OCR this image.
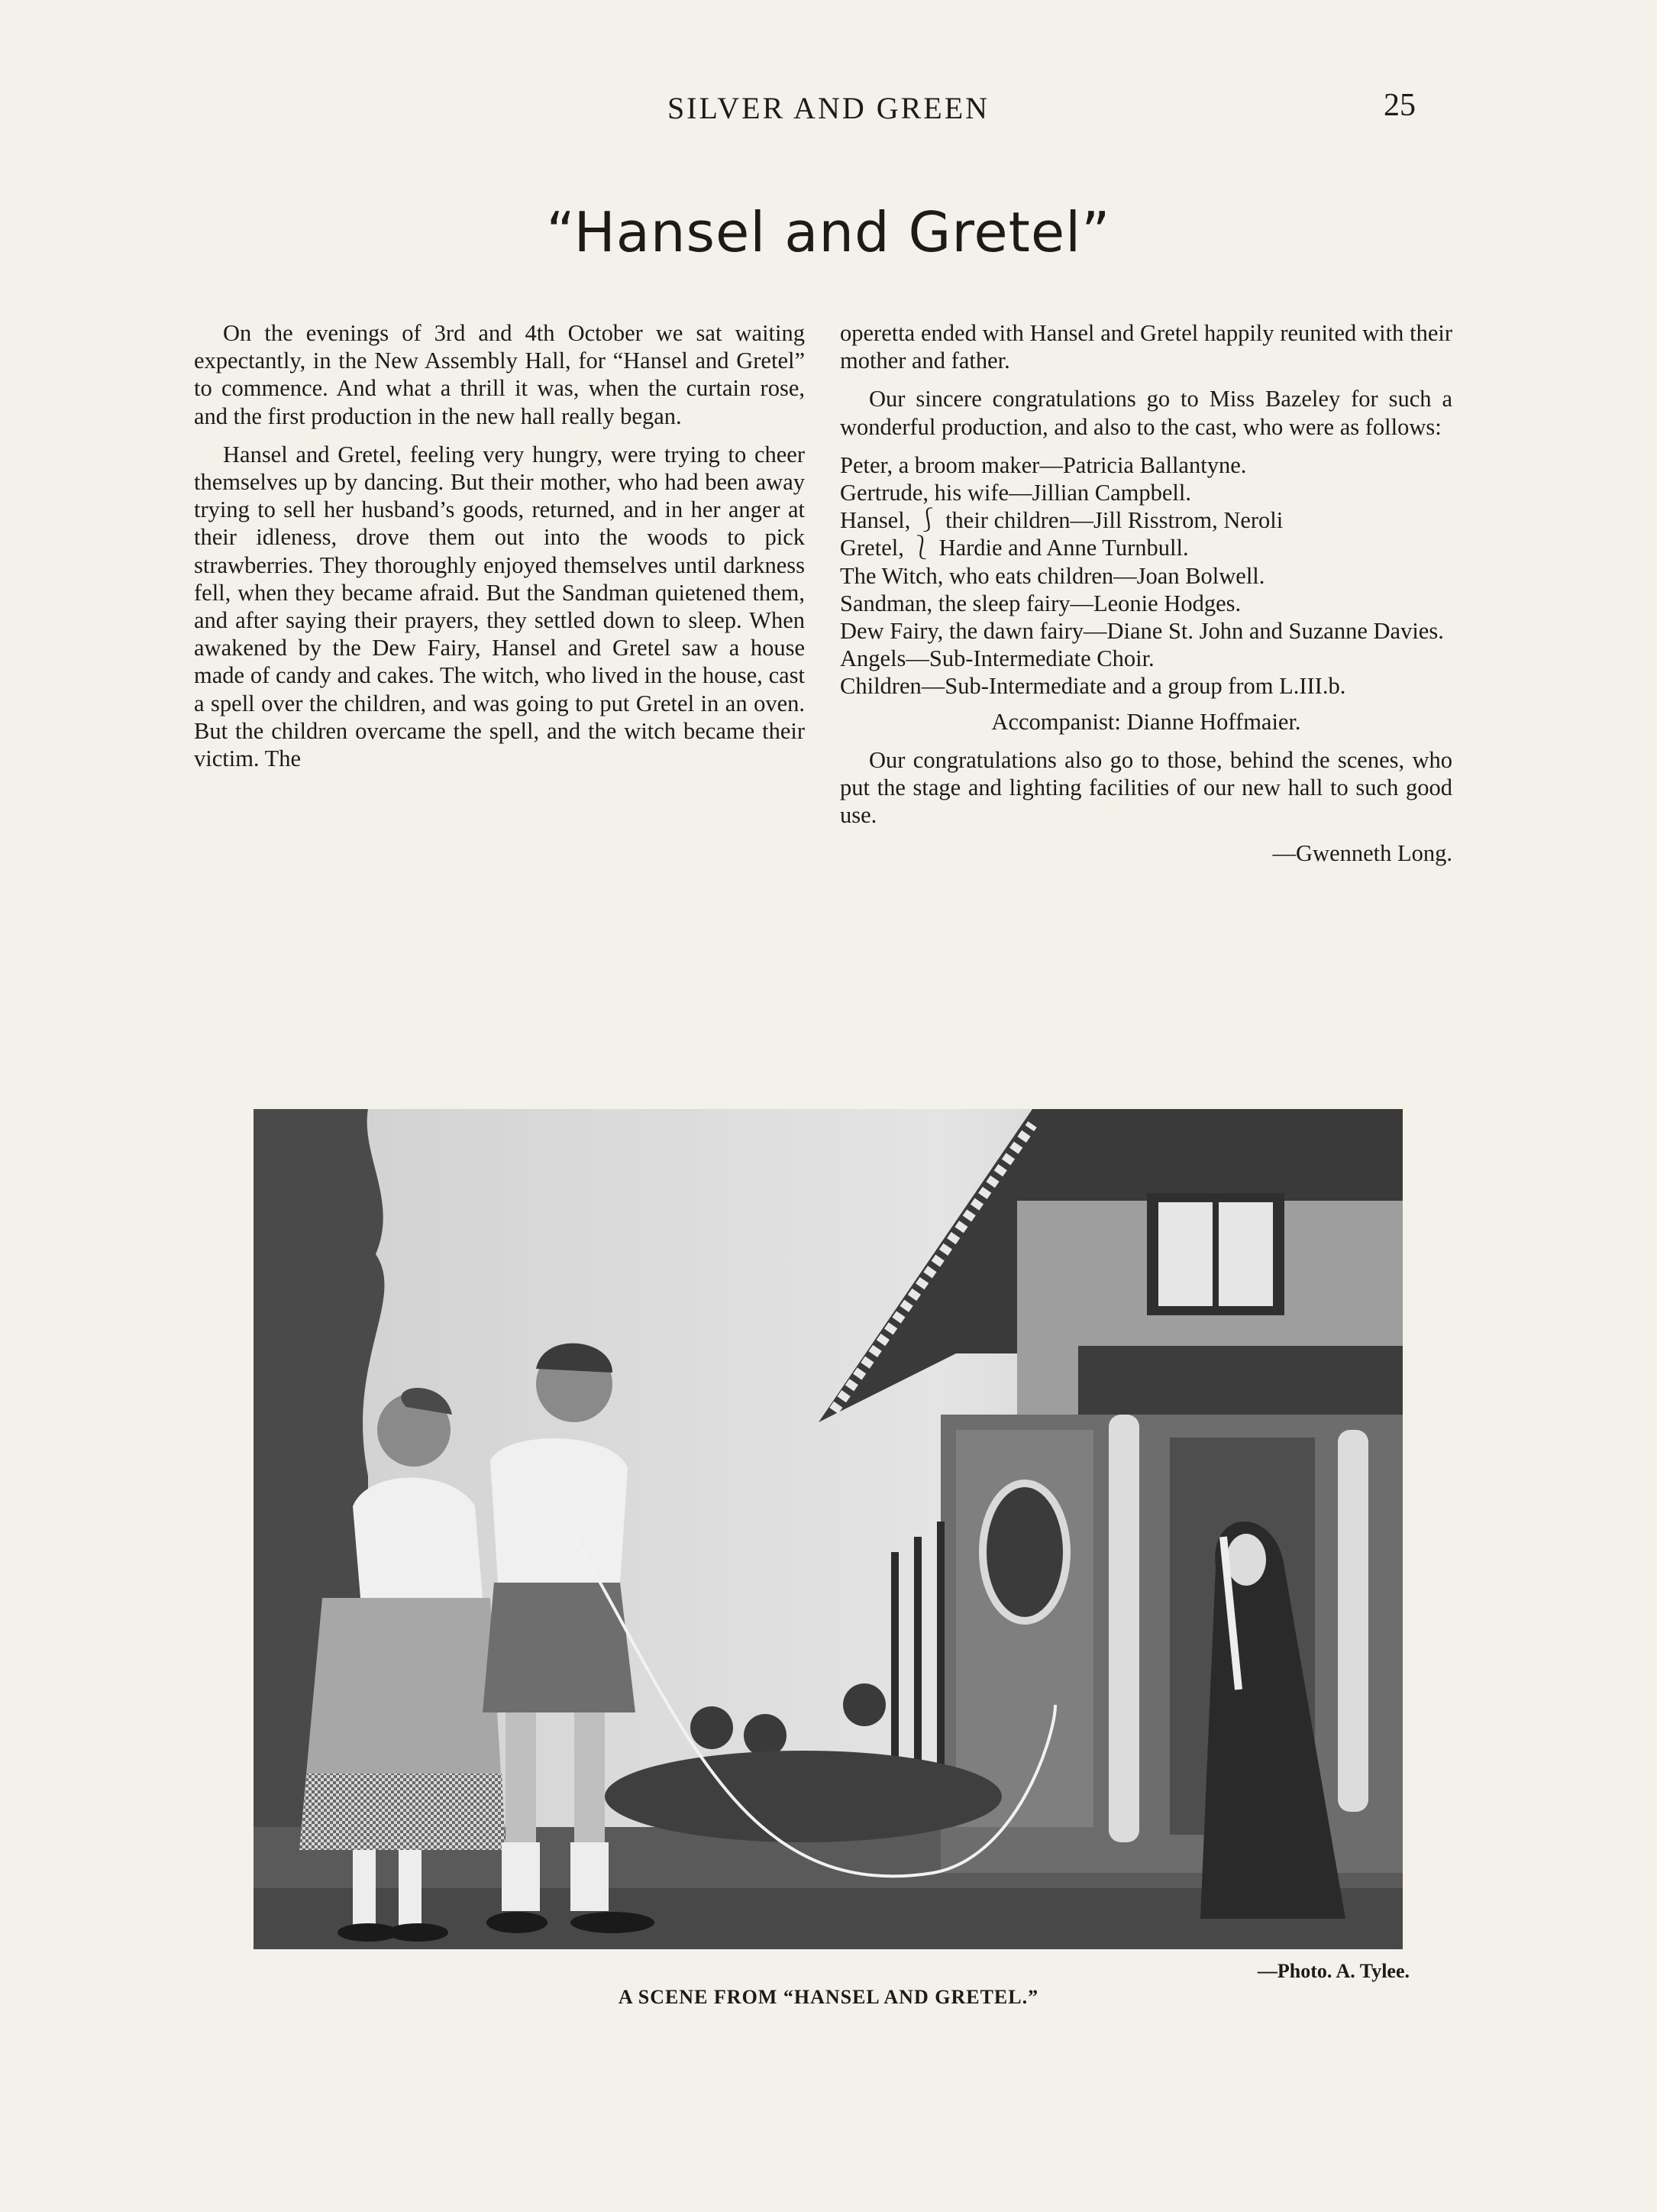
SILVER AND GREEN	25
“Hansel and Gretel”

On the evenings of 3rd and 4th October we sat waiting expectantly, in the New Assembly Hall, for “Hansel and Gretel” to commence. And what a thrill it was, when the curtain rose, and the first production in the new hall really began.

Hansel and Gretel, feeling very hungry, were trying to cheer themselves up by dancing. But their mother, who had been away trying to sell her husband’s goods, returned, and in her anger at their idleness, drove them out into the woods to pick strawberries. They thoroughly enjoyed themselves until darkness fell, when they became afraid. But the Sandman quietened them, and after saying their prayers, they settled down to sleep. When awakened by the Dew Fairy, Hansel and Gretel saw a house made of candy and cakes. The witch, who lived in the house, cast a spell over the children, and was going to put Gretel in an oven. But the children overcame the spell, and the witch became their victim. The

operetta ended with Hansel and Gretel happily reunited with their mother and father.

Our sincere congratulations go to Miss Bazeley for such a wonderful production, and also to the cast, who were as follows:

Peter, a broom maker—Patricia Ballantyne.
Gertrude, his wife—Jillian Campbell.
Hansel, ⎰ their children—Jill Risstrom, Neroli
Gretel, ⎱ Hardie and Anne Turnbull.
The Witch, who eats children—Joan Bolwell.
Sandman, the sleep fairy—Leonie Hodges.
Dew Fairy, the dawn fairy—Diane St. John and Suzanne Davies.
Angels—Sub-Intermediate Choir.
Children—Sub-Intermediate and a group from L.III.b.

Accompanist: Dianne Hoffmaier.

Our congratulations also go to those, behind the scenes, who put the stage and lighting facilities of our new hall to such good use.

—Gwenneth Long.

—Photo. A. Tylee.
A SCENE FROM “HANSEL AND GRETEL.”
